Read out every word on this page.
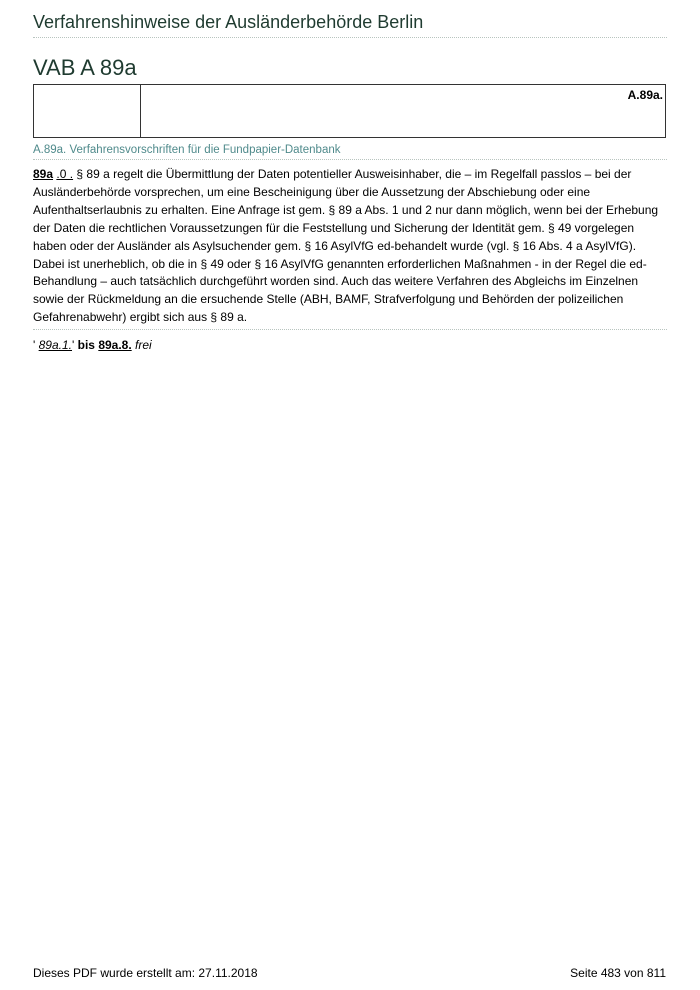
Verfahrenshinweise der Ausländerbehörde Berlin
VAB A 89a
A.89a.
A.89a. Verfahrensvorschriften für die Fundpapier-Datenbank

89a .0 . § 89 a regelt die Übermittlung der Daten potentieller Ausweisinhaber, die – im Regelfall passlos – bei der Ausländerbehörde vorsprechen, um eine Bescheinigung über die Aussetzung der Abschiebung oder eine Aufenthaltserlaubnis zu erhalten. Eine Anfrage ist gem. § 89 a Abs. 1 und 2 nur dann möglich, wenn bei der Erhebung der Daten die rechtlichen Voraussetzungen für die Feststellung und Sicherung der Identität gem. § 49 vorgelegen haben oder der Ausländer als Asylsuchender gem. § 16 AsylVfG ed-behandelt wurde (vgl. § 16 Abs. 4 a AsylVfG). Dabei ist unerheblich, ob die in § 49 oder § 16 AsylVfG genannten erforderlichen Maßnahmen - in der Regel die ed-Behandlung – auch tatsächlich durchgeführt worden sind. Auch das weitere Verfahren des Abgleichs im Einzelnen sowie der Rückmeldung an die ersuchende Stelle (ABH, BAMF, Strafverfolgung und Behörden der polizeilichen Gefahrenabwehr) ergibt sich aus § 89 a.

' 89a.1.' bis 89a.8. frei
Dieses PDF wurde erstellt am: 27.11.2018	Seite 483 von 811
